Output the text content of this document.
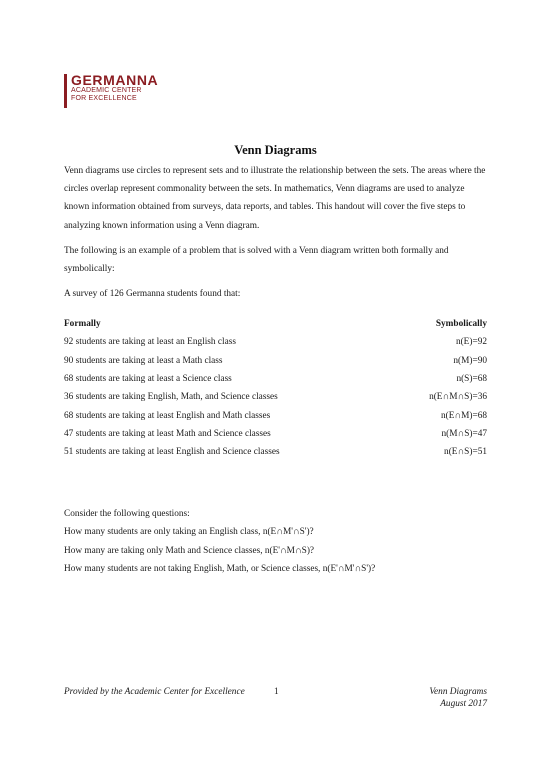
GERMANNA
ACADEMIC CENTER
FOR EXCELLENCE
Venn Diagrams

Venn diagrams use circles to represent sets and to illustrate the relationship between the sets. The areas where the circles overlap represent commonality between the sets. In mathematics, Venn diagrams are used to analyze known information obtained from surveys, data reports, and tables. This handout will cover the five steps to analyzing known information using a Venn diagram.

The following is an example of a problem that is solved with a Venn diagram written both formally and symbolically:

A survey of 126 Germanna students found that:

Formally	Symbolically
92 students are taking at least an English class	n(E)=92
90 students are taking at least a Math class	n(M)=90
68 students are taking at least a Science class	n(S)=68
36 students are taking English, Math, and Science classes	n(E∩M∩S)=36
68 students are taking at least English and Math classes	n(E∩M)=68
47 students are taking at least Math and Science classes	n(M∩S)=47
51 students are taking at least English and Science classes	n(E∩S)=51
Consider the following questions:
How many students are only taking an English class, n(E∩M'∩S')?
How many are taking only Math and Science classes, n(E'∩M∩S)?
How many students are not taking English, Math, or Science classes, n(E'∩M'∩S')?
Provided by the Academic Center for Excellence	1	Venn Diagrams
August 2017
